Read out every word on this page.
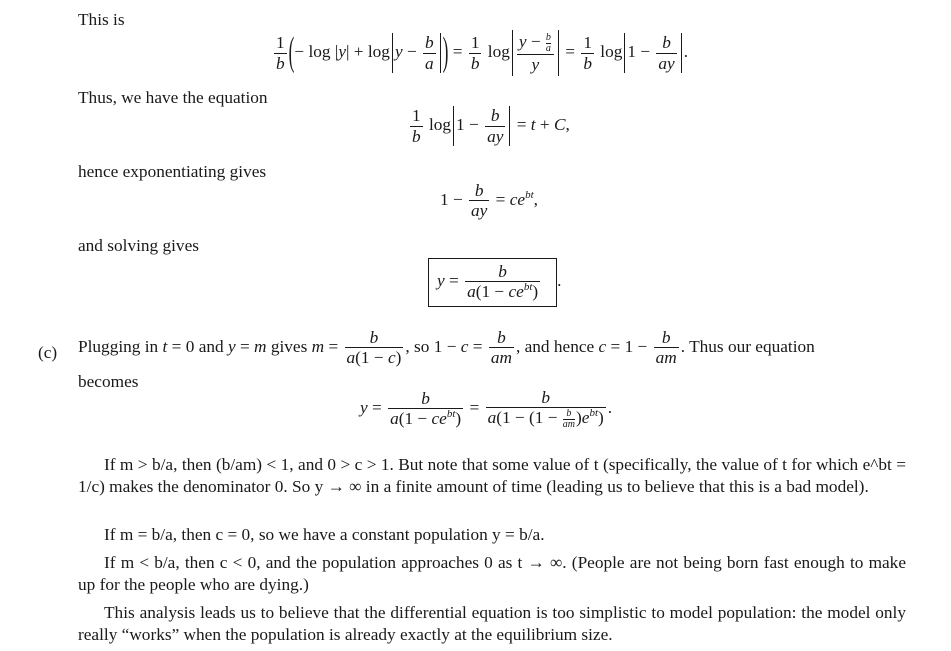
This is
$\frac{1}{b}$ (− $\log |y| + \log y - \frac{b}{a}$ ) = $\frac{1}{b}$ $\log \frac{y - \frac{b}{a}}{y} = \frac{1}{b}$ $\log 1 - \frac{b}{ay}$ .
Thus, we have the equation
$\frac{1}{b}$ $\log 1 - \frac{b}{ay} = t + C$,
hence exponentiating gives
$1 - \frac{b}{ay} = ce^{bt}$,
and solving gives
$y = \frac{b}{a(1 - ce^{bt})}$ .
(c) Plugging in t = 0 and y = m gives $m = \frac{b}{a(1 - c)}$ , so $1 - c = \frac{b}{am}$ , and hence $c = 1 - \frac{b}{am}$ . Thus our equation
becomes
$y = \frac{b}{a(1 - ce^{bt})} = \frac{b}{a(1 - (1 - \frac{b}{am} )e^{bt})}$ .
If m > b/a, then (b/am) < 1, and 0 > c > 1. But note that some value of t (specifically, the value of t for which e^bt = 1/c) makes the denominator 0. So y → ∞ in a finite amount of time (leading us to believe that this is a bad model).
If m = b/a, then c = 0, so we have a constant population y = b/a.
If m < b/a, then c < 0, and the population approaches 0 as t → ∞. (People are not being born fast enough to make up for the people who are dying.)
This analysis leads us to believe that the differential equation is too simplistic to model population: the model only really “works” when the population is already exactly at the equilibrium size.
